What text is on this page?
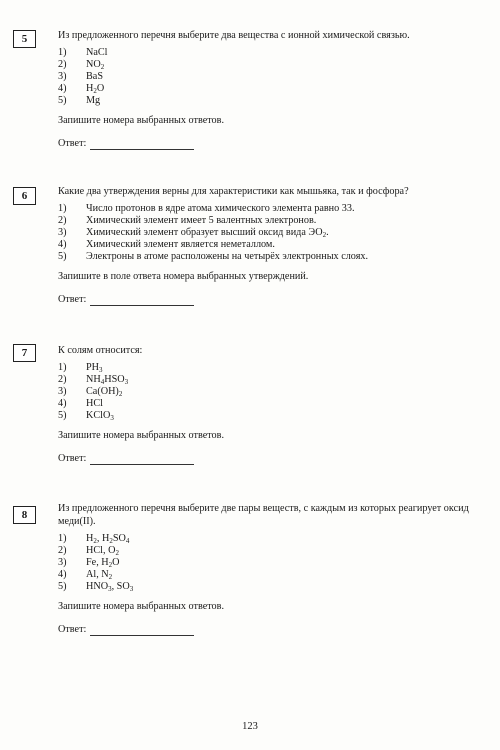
5	Из предложенного перечня выберите два вещества с ионной химической связью.

1)	NaCl
2)	$NO_2$
3)	BaS
4)	$H_2O$
5)	Mg

Запишите номера выбранных ответов.

Ответ:
6	Какие два утверждения верны для характеристики как мышьяка, так и фосфора?

1)	Число протонов в ядре атома химического элемента равно 33.
2)	Химический элемент имеет 5 валентных электронов.
3)	Химический элемент образует высший оксид вида $ЭО_2$.
4)	Химический элемент является неметаллом.
5)	Электроны в атоме расположены на четырёх электронных слоях.

Запишите в поле ответа номера выбранных утверждений.

Ответ:
7	К солям относится:

1)	$PH_3$
2)	$NH_4HSO_3$
3)	$Ca(OH)_2$
4)	HCl
5)	KClO$_3$

Запишите номера выбранных ответов.

Ответ:
8	Из предложенного перечня выберите две пары веществ, с каждым из которых реагирует оксид меди(II).

1)	$H_2$, $H_2SO_4$
2)	HCl, $O_2$
3)	Fe, $H_2O$
4)	Al, $N_2$
5)	$HNO_3$, $SO_3$

Запишите номера выбранных ответов.

Ответ:
123
